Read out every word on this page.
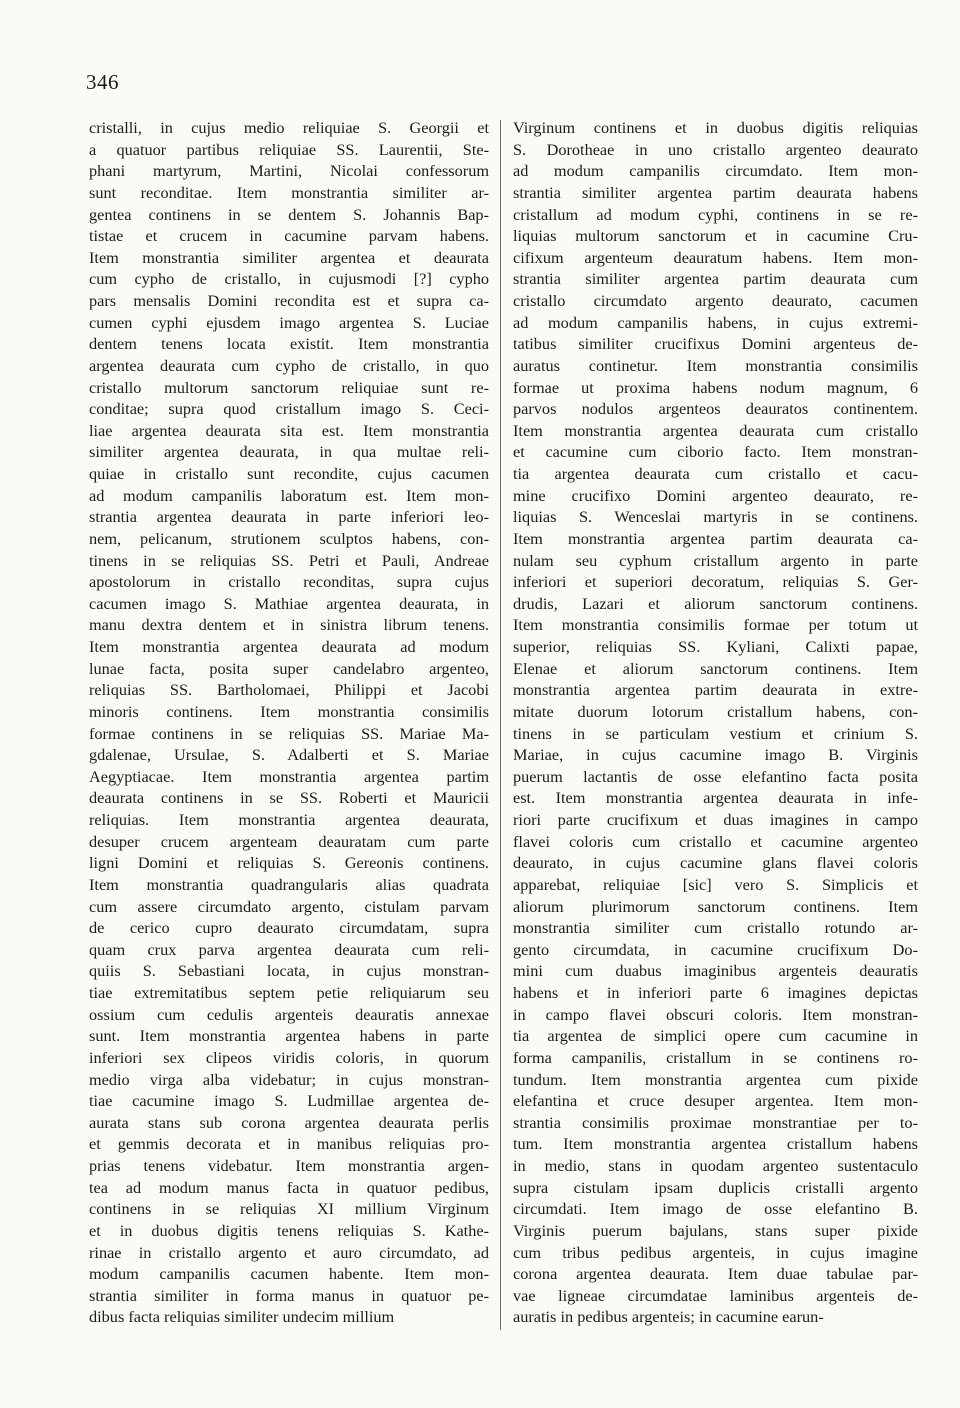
346
cristalli, in cujus medio reliquiae S. Georgii et
a quatuor partibus reliquiae SS. Laurentii, Ste-
phani martyrum, Martini, Nicolai confessorum
sunt reconditae. Item monstrantia similiter ar-
gentea continens in se dentem S. Johannis Bap-
tistae et crucem in cacumine parvam habens.
Item monstrantia similiter argentea et deaurata
cum cypho de cristallo, in cujusmodi [?] cypho
pars mensalis Domini recondita est et supra ca-
cumen cyphi ejusdem imago argentea S. Luciae
dentem tenens locata existit. Item monstrantia
argentea deaurata cum cypho de cristallo, in quo
cristallo multorum sanctorum reliquiae sunt re-
conditae; supra quod cristallum imago S. Ceci-
liae argentea deaurata sita est. Item monstrantia
similiter argentea deaurata, in qua multae reli-
quiae in cristallo sunt recondite, cujus cacumen
ad modum campanilis laboratum est. Item mon-
strantia argentea deaurata in parte inferiori leo-
nem, pelicanum, strutionem sculptos habens, con-
tinens in se reliquias SS. Petri et Pauli, Andreae
apostolorum in cristallo reconditas, supra cujus
cacumen imago S. Mathiae argentea deaurata, in
manu dextra dentem et in sinistra librum tenens.
Item monstrantia argentea deaurata ad modum
lunae facta, posita super candelabro argenteo,
reliquias SS. Bartholomaei, Philippi et Jacobi
minoris continens. Item monstrantia consimilis
formae continens in se reliquias SS. Mariae Ma-
gdalenae, Ursulae, S. Adalberti et S. Mariae
Aegyptiacae. Item monstrantia argentea partim
deaurata continens in se SS. Roberti et Mauricii
reliquias. Item monstrantia argentea deaurata,
desuper crucem argenteam deauratam cum parte
ligni Domini et reliquias S. Gereonis continens.
Item monstrantia quadrangularis alias quadrata
cum assere circumdato argento, cistulam parvam
de cerico cupro deaurato circumdatam, supra
quam crux parva argentea deaurata cum reli-
quiis S. Sebastiani locata, in cujus monstran-
tiae extremitatibus septem petie reliquiarum seu
ossium cum cedulis argenteis deauratis annexae
sunt. Item monstrantia argentea habens in parte
inferiori sex clipeos viridis coloris, in quorum
medio virga alba videbatur; in cujus monstran-
tiae cacumine imago S. Ludmillae argentea de-
aurata stans sub corona argentea deaurata perlis
et gemmis decorata et in manibus reliquias pro-
prias tenens videbatur. Item monstrantia argen-
tea ad modum manus facta in quatuor pedibus,
continens in se reliquias XI millium Virginum
et in duobus digitis tenens reliquias S. Kathe-
rinae in cristallo argento et auro circumdato, ad
modum campanilis cacumen habente. Item mon-
strantia similiter in forma manus in quatuor pe-
dibus facta reliquias similiter undecim millium
Virginum continens et in duobus digitis reliquias
S. Dorotheae in uno cristallo argenteo deaurato
ad modum campanilis circumdato. Item mon-
strantia similiter argentea partim deaurata habens
cristallum ad modum cyphi, continens in se re-
liquias multorum sanctorum et in cacumine Cru-
cifixum argenteum deauratum habens. Item mon-
strantia similiter argentea partim deaurata cum
cristallo circumdato argento deaurato, cacumen
ad modum campanilis habens, in cujus extremi-
tatibus similiter crucifixus Domini argenteus de-
auratus continetur. Item monstrantia consimilis
formae ut proxima habens nodum magnum, 6
parvos nodulos argenteos deauratos continentem.
Item monstrantia argentea deaurata cum cristallo
et cacumine cum ciborio facto. Item monstran-
tia argentea deaurata cum cristallo et cacu-
mine crucifixo Domini argenteo deaurato, re-
liquias S. Wenceslai martyris in se continens.
Item monstrantia argentea partim deaurata ca-
nulam seu cyphum cristallum argento in parte
inferiori et superiori decoratum, reliquias S. Ger-
drudis, Lazari et aliorum sanctorum continens.
Item monstrantia consimilis formae per totum ut
superior, reliquias SS. Kyliani, Calixti papae,
Elenae et aliorum sanctorum continens. Item
monstrantia argentea partim deaurata in extre-
mitate duorum lotorum cristallum habens, con-
tinens in se particulam vestium et crinium S.
Mariae, in cujus cacumine imago B. Virginis
puerum lactantis de osse elefantino facta posita
est. Item monstrantia argentea deaurata in infe-
riori parte crucifixum et duas imagines in campo
flavei coloris cum cristallo et cacumine argenteo
deaurato, in cujus cacumine glans flavei coloris
apparebat, reliquiae [sic] vero S. Simplicis et
aliorum plurimorum sanctorum continens. Item
monstrantia similiter cum cristallo rotundo ar-
gento circumdata, in cacumine crucifixum Do-
mini cum duabus imaginibus argenteis deauratis
habens et in inferiori parte 6 imagines depictas
in campo flavei obscuri coloris. Item monstran-
tia argentea de simplici opere cum cacumine in
forma campanilis, cristallum in se continens ro-
tundum. Item monstrantia argentea cum pixide
elefantina et cruce desuper argentea. Item mon-
strantia consimilis proximae monstrantiae per to-
tum. Item monstrantia argentea cristallum habens
in medio, stans in quodam argenteo sustentaculo
supra cistulam ipsam duplicis cristalli argento
circumdati. Item imago de osse elefantino B.
Virginis puerum bajulans, stans super pixide
cum tribus pedibus argenteis, in cujus imagine
corona argentea deaurata. Item duae tabulae par-
vae ligneae circumdatae laminibus argenteis de-
auratis in pedibus argenteis; in cacumine earun-
